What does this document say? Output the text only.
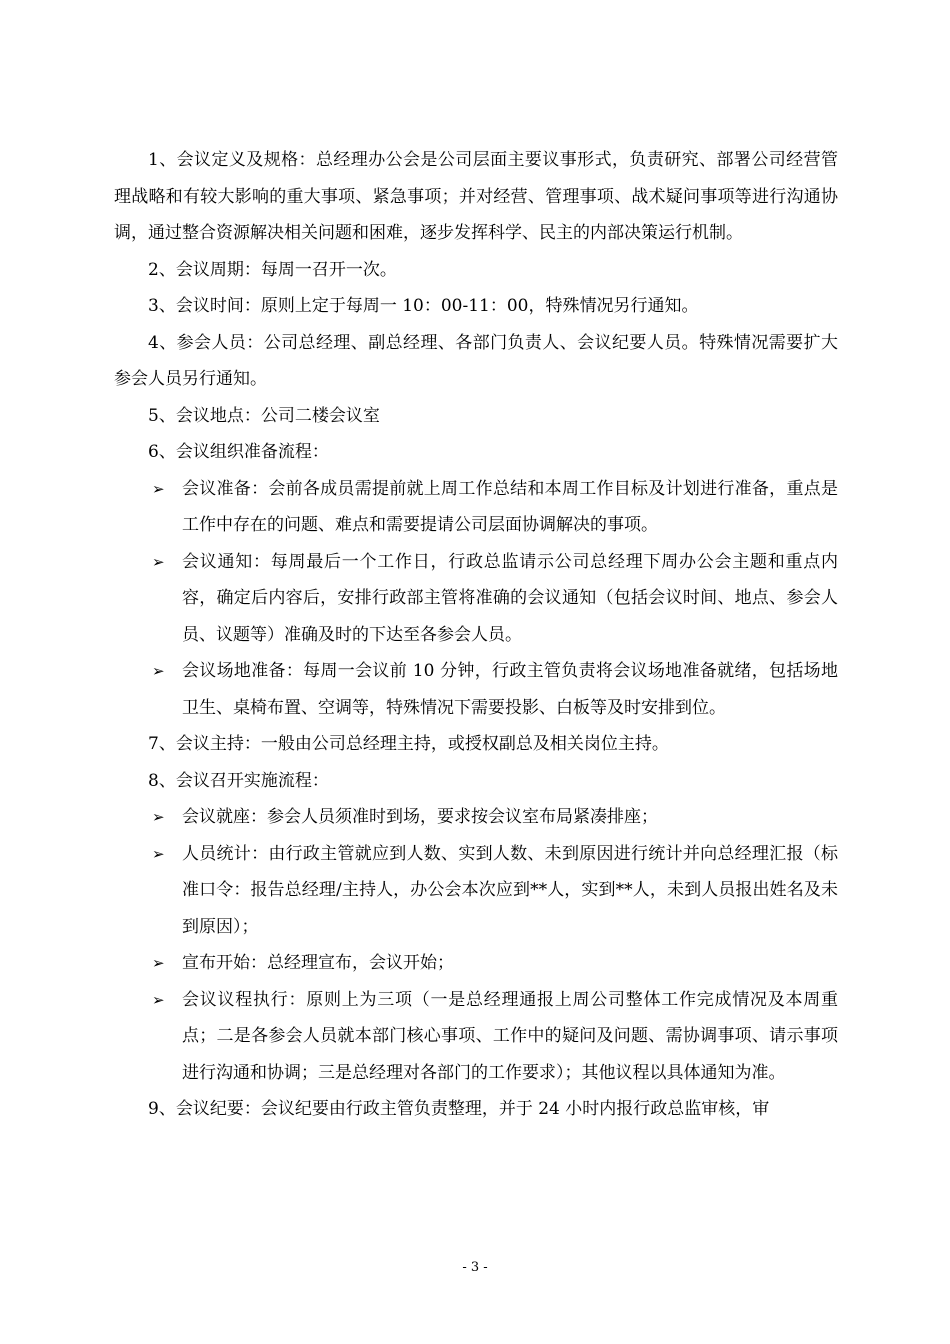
1、会议定义及规格：总经理办公会是公司层面主要议事形式，负责研究、部署公司经营管理战略和有较大影响的重大事项、紧急事项；并对经营、管理事项、战术疑问事项等进行沟通协调，通过整合资源解决相关问题和困难，逐步发挥科学、民主的内部决策运行机制。

2、会议周期：每周一召开一次。

3、会议时间：原则上定于每周一 10：00-11：00，特殊情况另行通知。

4、参会人员：公司总经理、副总经理、各部门负责人、会议纪要人员。特殊情况需要扩大参会人员另行通知。

5、会议地点：公司二楼会议室

6、会议组织准备流程：

➢ 会议准备：会前各成员需提前就上周工作总结和本周工作目标及计划进行准备，重点是工作中存在的问题、难点和需要提请公司层面协调解决的事项。

➢ 会议通知：每周最后一个工作日，行政总监请示公司总经理下周办公会主题和重点内容，确定后内容后，安排行政部主管将准确的会议通知（包括会议时间、地点、参会人员、议题等）准确及时的下达至各参会人员。

➢ 会议场地准备：每周一会议前 10 分钟，行政主管负责将会议场地准备就绪，包括场地卫生、桌椅布置、空调等，特殊情况下需要投影、白板等及时安排到位。

7、会议主持：一般由公司总经理主持，或授权副总及相关岗位主持。

8、会议召开实施流程：

➢ 会议就座：参会人员须准时到场，要求按会议室布局紧凑排座；

➢ 人员统计：由行政主管就应到人数、实到人数、未到原因进行统计并向总经理汇报（标准口令：报告总经理/主持人，办公会本次应到**人，实到**人，未到人员报出姓名及未到原因）；

➢ 宣布开始：总经理宣布，会议开始；

➢ 会议议程执行：原则上为三项（一是总经理通报上周公司整体工作完成情况及本周重点；二是各参会人员就本部门核心事项、工作中的疑问及问题、需协调事项、请示事项进行沟通和协调；三是总经理对各部门的工作要求）；其他议程以具体通知为准。

9、会议纪要：会议纪要由行政主管负责整理，并于 24 小时内报行政总监审核，审

- 3 -
